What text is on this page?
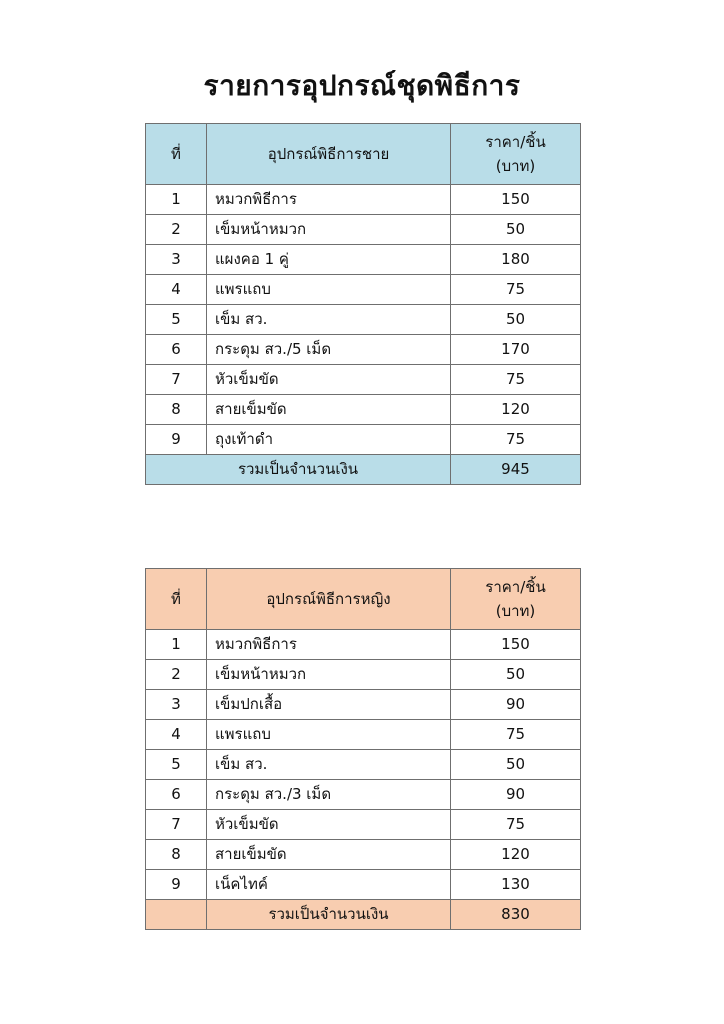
รายการอุปกรณ์ชุดพิธีการ
ที่	อุปกรณ์พิธีการชาย	ราคา/ชิ้น
(บาท)

1	หมวกพิธีการ	150
2	เข็มหน้าหมวก	50
3	แผงคอ 1 คู่	180
4	แพรแถบ	75
5	เข็ม สว.	50
6	กระดุม สว./5 เม็ด	170
7	หัวเข็มขัด	75
8	สายเข็มขัด	120
9	ถุงเท้าดำ	75
รวมเป็นจำนวนเงิน		945
ที่	อุปกรณ์พิธีการหญิง	ราคา/ชิ้น
(บาท)

1	หมวกพิธีการ	150
2	เข็มหน้าหมวก	50
3	เข็มปกเสื้อ	90
4	แพรแถบ	75
5	เข็ม สว.	50
6	กระดุม สว./3 เม็ด	90
7	หัวเข็มขัด	75
8	สายเข็มขัด	120
9	เน็คไทค์	130
	รวมเป็นจำนวนเงิน	830
